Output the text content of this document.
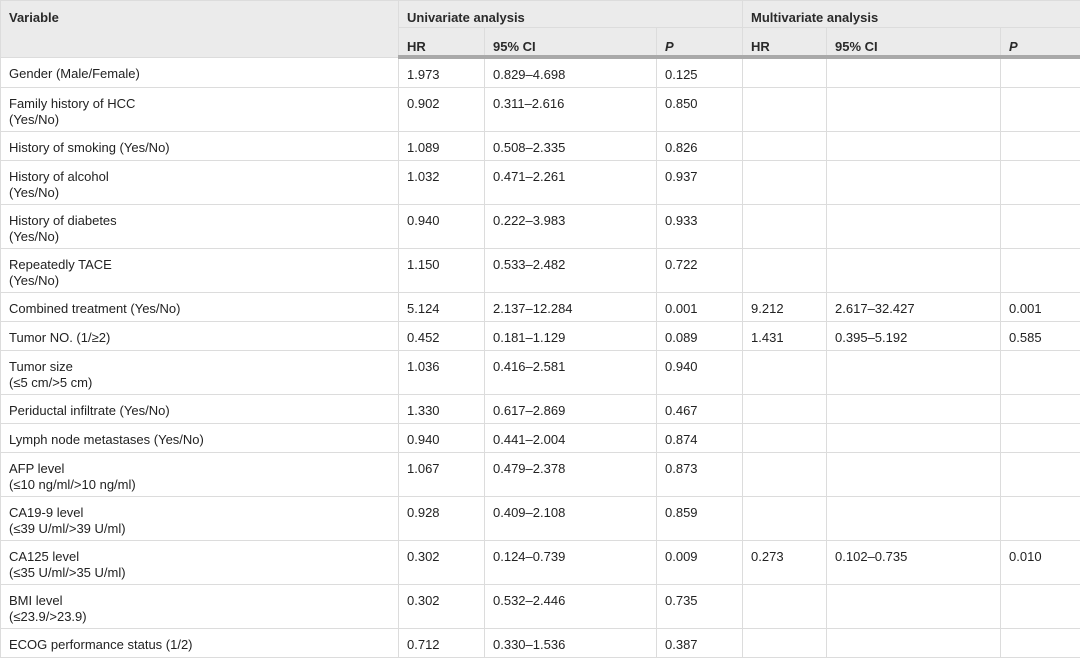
Variable	Univariate analysis			Multivariate analysis		
	HR	95% CI	P	HR	95% CI	P

Gender (Male/Female)	1.973	0.829–4.698	0.125			

Family history of HCC
(Yes/No)	0.902	0.311–2.616	0.850			

History of smoking (Yes/No)	1.089	0.508–2.335	0.826			

History of alcohol
(Yes/No)	1.032	0.471–2.261	0.937			

History of diabetes
(Yes/No)	0.940	0.222–3.983	0.933			

Repeatedly TACE
(Yes/No)	1.150	0.533–2.482	0.722			

Combined treatment (Yes/No)	5.124	2.137–12.284	0.001	9.212	2.617–32.427	0.001

Tumor NO. (1/≥2)	0.452	0.181–1.129	0.089	1.431	0.395–5.192	0.585

Tumor size
(≤5 cm/>5 cm)	1.036	0.416–2.581	0.940			

Periductal infiltrate (Yes/No)	1.330	0.617–2.869	0.467			

Lymph node metastases (Yes/No)	0.940	0.441–2.004	0.874			

AFP level
(≤10 ng/ml/>10 ng/ml)	1.067	0.479–2.378	0.873			

CA19-9 level
(≤39 U/ml/>39 U/ml)	0.928	0.409–2.108	0.859			

CA125 level
(≤35 U/ml/>35 U/ml)	0.302	0.124–0.739	0.009	0.273	0.102–0.735	0.010

BMI level
(≤23.9/>23.9)	0.302	0.532–2.446	0.735			

ECOG performance status (1/2)	0.712	0.330–1.536	0.387			
